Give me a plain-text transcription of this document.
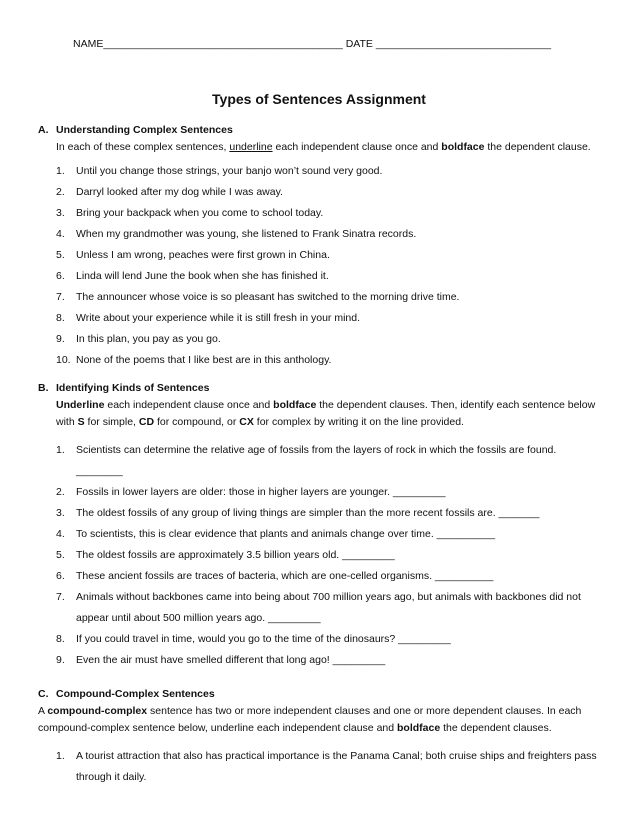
NAME_________________________________________ DATE ______________________________
Types of Sentences Assignment
A. Understanding Complex Sentences
In each of these complex sentences, underline each independent clause once and boldface the dependent clause.
1. Until you change those strings, your banjo won’t sound very good.
2. Darryl looked after my dog while I was away.
3. Bring your backpack when you come to school today.
4. When my grandmother was young, she listened to Frank Sinatra records.
5. Unless I am wrong, peaches were first grown in China.
6. Linda will lend June the book when she has finished it.
7. The announcer whose voice is so pleasant has switched to the morning drive time.
8. Write about your experience while it is still fresh in your mind.
9. In this plan, you pay as you go.
10. None of the poems that I like best are in this anthology.
B. Identifying Kinds of Sentences
Underline each independent clause once and boldface the dependent clauses. Then, identify each sentence below
with S for simple, CD for compound, or CX for complex by writing it on the line provided.
1. Scientists can determine the relative age of fossils from the layers of rock in which the fossils are found.
________
2. Fossils in lower layers are older: those in higher layers are younger. _________
3. The oldest fossils of any group of living things are simpler than the more recent fossils are. _______
4. To scientists, this is clear evidence that plants and animals change over time. __________
5. The oldest fossils are approximately 3.5 billion years old. _________
6. These ancient fossils are traces of bacteria, which are one-celled organisms. __________
7. Animals without backbones came into being about 700 million years ago, but animals with backbones did not
appear until about 500 million years ago. _________
8. If you could travel in time, would you go to the time of the dinosaurs? _________
9. Even the air must have smelled different that long ago! _________
C. Compound-Complex Sentences
A compound-complex sentence has two or more independent clauses and one or more dependent clauses. In each
compound-complex sentence below, underline each independent clause and boldface the dependent clauses.
1. A tourist attraction that also has practical importance is the Panama Canal; both cruise ships and freighters pass
through it daily.
